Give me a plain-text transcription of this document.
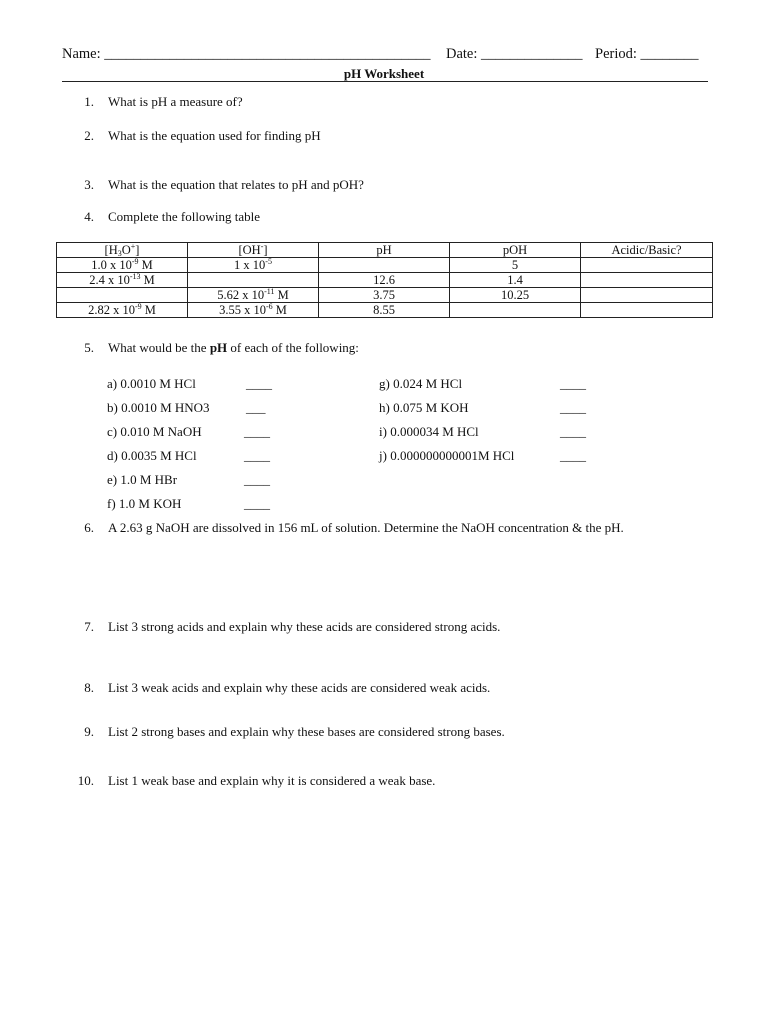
Name: _____________________________________________ Date: ______________ Period: ________
pH Worksheet
1. What is pH a measure of?
2. What is the equation used for finding pH
3. What is the equation that relates to pH and pOH?
4. Complete the following table
$[H_3O^+]$	[OH-]	pH	pOH	Acidic/Basic?
1.0 x $10^{-9}$ M	1 x $10^{-5}$		5	
2.4 x $10^{-13}$ M		12.6	1.4	
	5.62 x $10^{-11}$ M	3.75	10.25	
2.82 x $10^{-9}$ M	3.55 x $10^{-6}$ M	8.55		
5. What would be the pH of each of the following:
a) 0.0010 M HCl	____
b) 0.0010 M HNO3	___
c) 0.010 M NaOH	____
d) 0.0035 M HCl	____
e) 1.0 M HBr	____
f) 1.0 M KOH	____
g) 0.024 M HCl	____
h) 0.075 M KOH	____
i) 0.000034 M HCl	____
j) 0.000000000001M HCl	____
6. A 2.63 g NaOH are dissolved in 156 mL of solution. Determine the NaOH concentration & the pH.
7. List 3 strong acids and explain why these acids are considered strong acids.
8. List 3 weak acids and explain why these acids are considered weak acids.
9. List 2 strong bases and explain why these bases are considered strong bases.
10. List 1 weak base and explain why it is considered a weak base.
